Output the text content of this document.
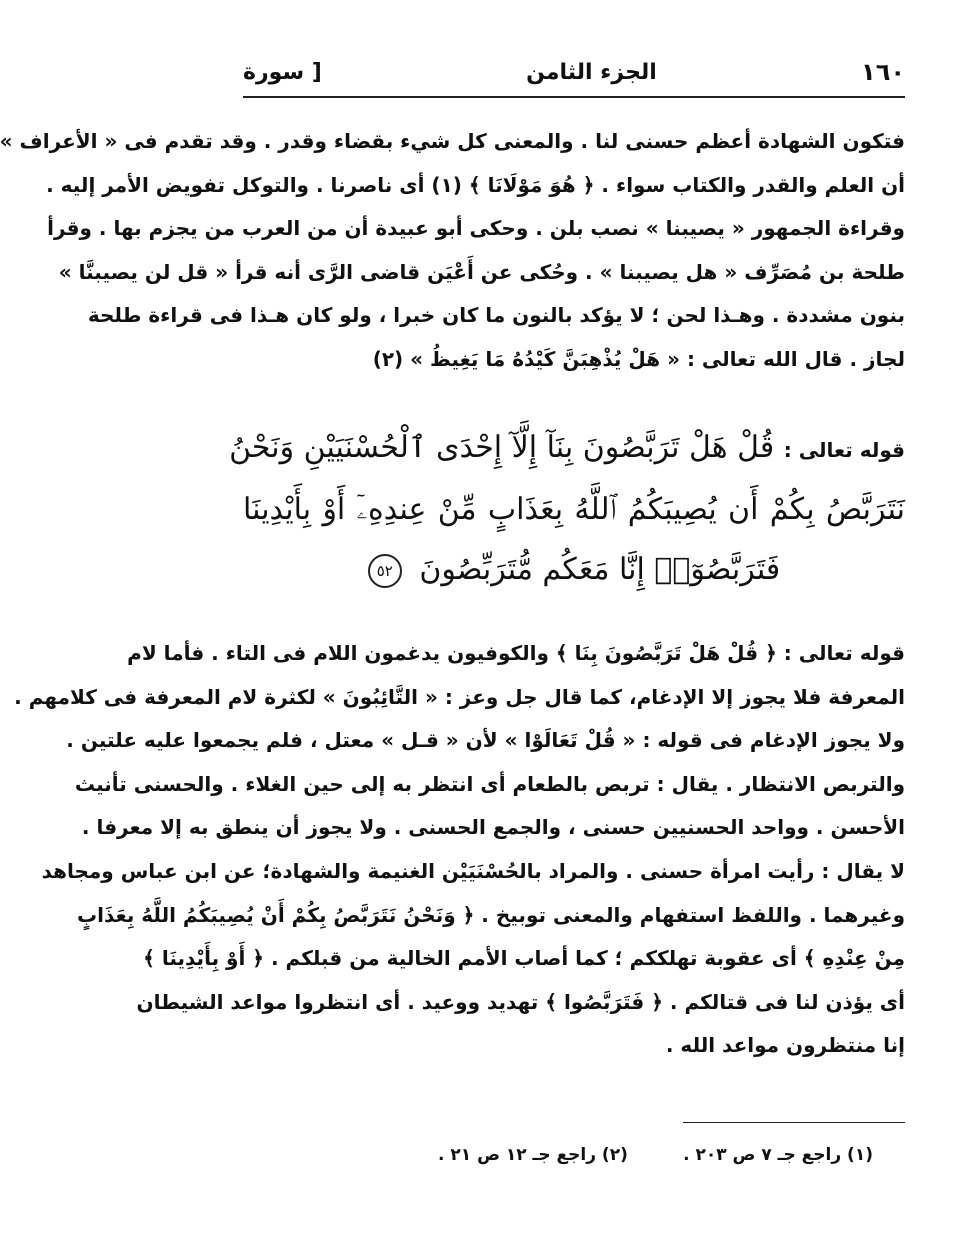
١٦٠
الجزء الثامن
[ سورة
فتكون الشهادة أعظم حسنى لنا . والمعنى كل شيء بقضاء وقدر . وقد تقدم فى « الأعراف »
أن العلم والقدر والكتاب سواء . ﴿ هُوَ مَوْلَانَا ﴾ (١) أى ناصرنا . والتوكل تفويض الأمر إليه .
وقراءة الجمهور « يصيبنا » نصب بلن . وحكى أبو عبيدة أن من العرب من يجزم بها . وقرأ
طلحة بن مُصَرِّف « هل يصيبنا » . وحُكى عن أَعْيَن قاضى الرَّى أنه قرأ « قل لن يصيبنَّا »
بنون مشددة . وهـذا لحن ؛ لا يؤكد بالنون ما كان خبرا ، ولو كان هـذا فى قراءة طلحة
لجاز . قال الله تعالى : « هَلْ يُذْهِبَنَّ كَيْدُهُ مَا يَغِيظُ » (٢)
قوله تعالى : قُلْ هَلْ تَرَبَّصُونَ بِنَآ إِلَّآ إِحْدَى ٱلْحُسْنَيَيْنِ وَنَحْنُ
نَتَرَبَّصُ بِكُمْ أَن يُصِيبَكُمُ ٱللَّهُ بِعَذَابٍ مِّنْ عِندِهِۦٓ أَوْ بِأَيْدِينَا
فَتَرَبَّصُوٓا۟ إِنَّا مَعَكُم مُّتَرَبِّصُونَ ٥٢
قوله تعالى : ﴿ قُلْ هَلْ تَرَبَّصُونَ بِنَا ﴾ والكوفيون يدغمون اللام فى التاء . فأما لام
المعرفة فلا يجوز إلا الإدغام، كما قال جل وعز : « التَّائِبُونَ » لكثرة لام المعرفة فى كلامهم .
ولا يجوز الإدغام فى قوله : « قُلْ تَعَالَوْا » لأن « قـل » معتل ، فلم يجمعوا عليه علتين .
والتربص الانتظار . يقال : تربص بالطعام أى انتظر به إلى حين الغلاء . والحسنى تأنيث
الأحسن . وواحد الحسنيين حسنى ، والجمع الحسنى . ولا يجوز أن ينطق به إلا معرفا .
لا يقال : رأيت امرأة حسنى . والمراد بالحُسْنَيَيْن الغنيمة والشهادة؛ عن ابن عباس ومجاهد
وغيرهما . واللفظ استفهام والمعنى توبيخ . ﴿ وَنَحْنُ نَتَرَبَّصُ بِكُمْ أَنْ يُصِيبَكُمُ اللَّهُ بِعَذَابٍ
مِنْ عِنْدِهِ ﴾ أى عقوبة تهلككم ؛ كما أصاب الأمم الخالية من قبلكم . ﴿ أَوْ بِأَيْدِينَا ﴾
أى يؤذن لنا فى قتالكم . ﴿ فَتَرَبَّصُوا ﴾ تهديد ووعيد . أى انتظروا مواعد الشيطان
إنا منتظرون مواعد الله .
(١) راجع جـ ٧ ص ٢٠٣ .
(٢) راجع جـ ١٢ ص ٢١ .
